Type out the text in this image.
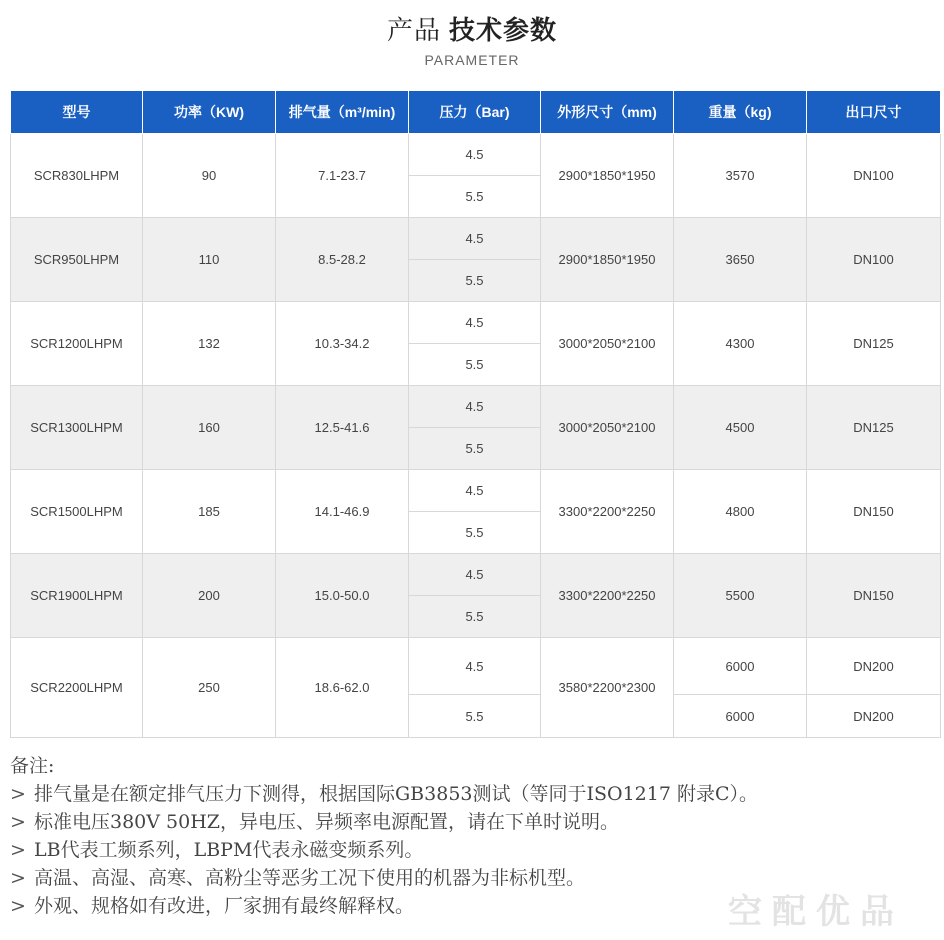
产品 技术参数
PARAMETER
型号	功率（KW)	排气量（m³/min)	压力（Bar)	外形尺寸（mm)	重量（kg)	出口尺寸
SCR830LHPM	90	7.1-23.7	4.5	2900*1850*1950	3570	DN100
			5.5			
SCR950LHPM	110	8.5-28.2	4.5	2900*1850*1950	3650	DN100
			5.5			
SCR1200LHPM	132	10.3-34.2	4.5	3000*2050*2100	4300	DN125
			5.5			
SCR1300LHPM	160	12.5-41.6	4.5	3000*2050*2100	4500	DN125
			5.5			
SCR1500LHPM	185	14.1-46.9	4.5	3300*2200*2250	4800	DN150
			5.5			
SCR1900LHPM	200	15.0-50.0	4.5	3300*2200*2250	5500	DN150
			5.5			
SCR2200LHPM	250	18.6-62.0	4.5	3580*2200*2300	6000	DN200
			5.5		6000	DN200
备注:
> 排气量是在额定排气压力下测得，根据国际GB3853测试（等同于ISO1217 附录C）。
> 标准电压380V 50HZ，异电压、异频率电源配置，请在下单时说明。
> LB代表工频系列，LBPM代表永磁变频系列。
> 高温、高湿、高寒、高粉尘等恶劣工况下使用的机器为非标机型。
> 外观、规格如有改进，厂家拥有最终解释权。	空配优品
